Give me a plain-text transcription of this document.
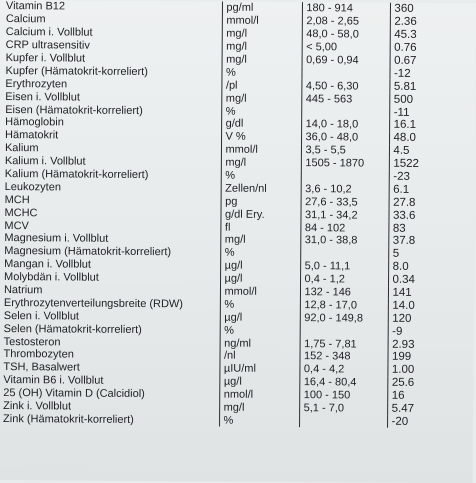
Vitamin B12	pg/ml	180 - 914	360
Calcium	mmol/l	2,08 - 2,65	2.36
Calcium i. Vollblut	mg/l	48,0 - 58,0	45.3
CRP ultrasensitiv	mg/l	< 5,00	0.76
Kupfer i. Vollblut	mg/l	0,69 - 0,94	0.67
Kupfer (Hämatokrit-korreliert)	%		-12
Erythrozyten	/pl	4,50 - 6,30	5.81
Eisen i. Vollblut	mg/l	445 - 563	500
Eisen (Hämatokrit-korreliert)	%		-11
Hämoglobin	g/dl	14,0 - 18,0	16.1
Hämatokrit	V %	36,0 - 48,0	48.0
Kalium	mmol/l	3,5 - 5,5	4.5
Kalium i. Vollblut	mg/l	1505 - 1870	1522
Kalium (Hämatokrit-korreliert)	%		-23
Leukozyten	Zellen/nl	3,6 - 10,2	6.1
MCH	pg	27,6 - 33,5	27.8
MCHC	g/dl Ery.	31,1 - 34,2	33.6
MCV	fl	84 - 102	83
Magnesium i. Vollblut	mg/l	31,0 - 38,8	37.8
Magnesium (Hämatokrit-korreliert)	%		5
Mangan i. Vollblut	µg/l	5,0 - 11,1	8.0
Molybdän i. Vollblut	µg/l	0,4 - 1,2	0.34
Natrium	mmol/l	132 - 146	141
Erythrozytenverteilungsbreite (RDW)	%	12,8 - 17,0	14.0
Selen i. Vollblut	µg/l	92,0 - 149,8	120
Selen (Hämatokrit-korreliert)	%		-9
Testosteron	ng/ml	1,75 - 7,81	2.93
Thrombozyten	/nl	152 - 348	199
TSH, Basalwert	µIU/ml	0,4 - 4,2	1.00
Vitamin B6 i. Vollblut	µg/l	16,4 - 80,4	25.6
25 (OH) Vitamin D (Calcidiol)	nmol/l	100 - 150	16
Zink i. Vollblut	mg/l	5,1 - 7,0	5.47
Zink (Hämatokrit-korreliert)	%		-20
